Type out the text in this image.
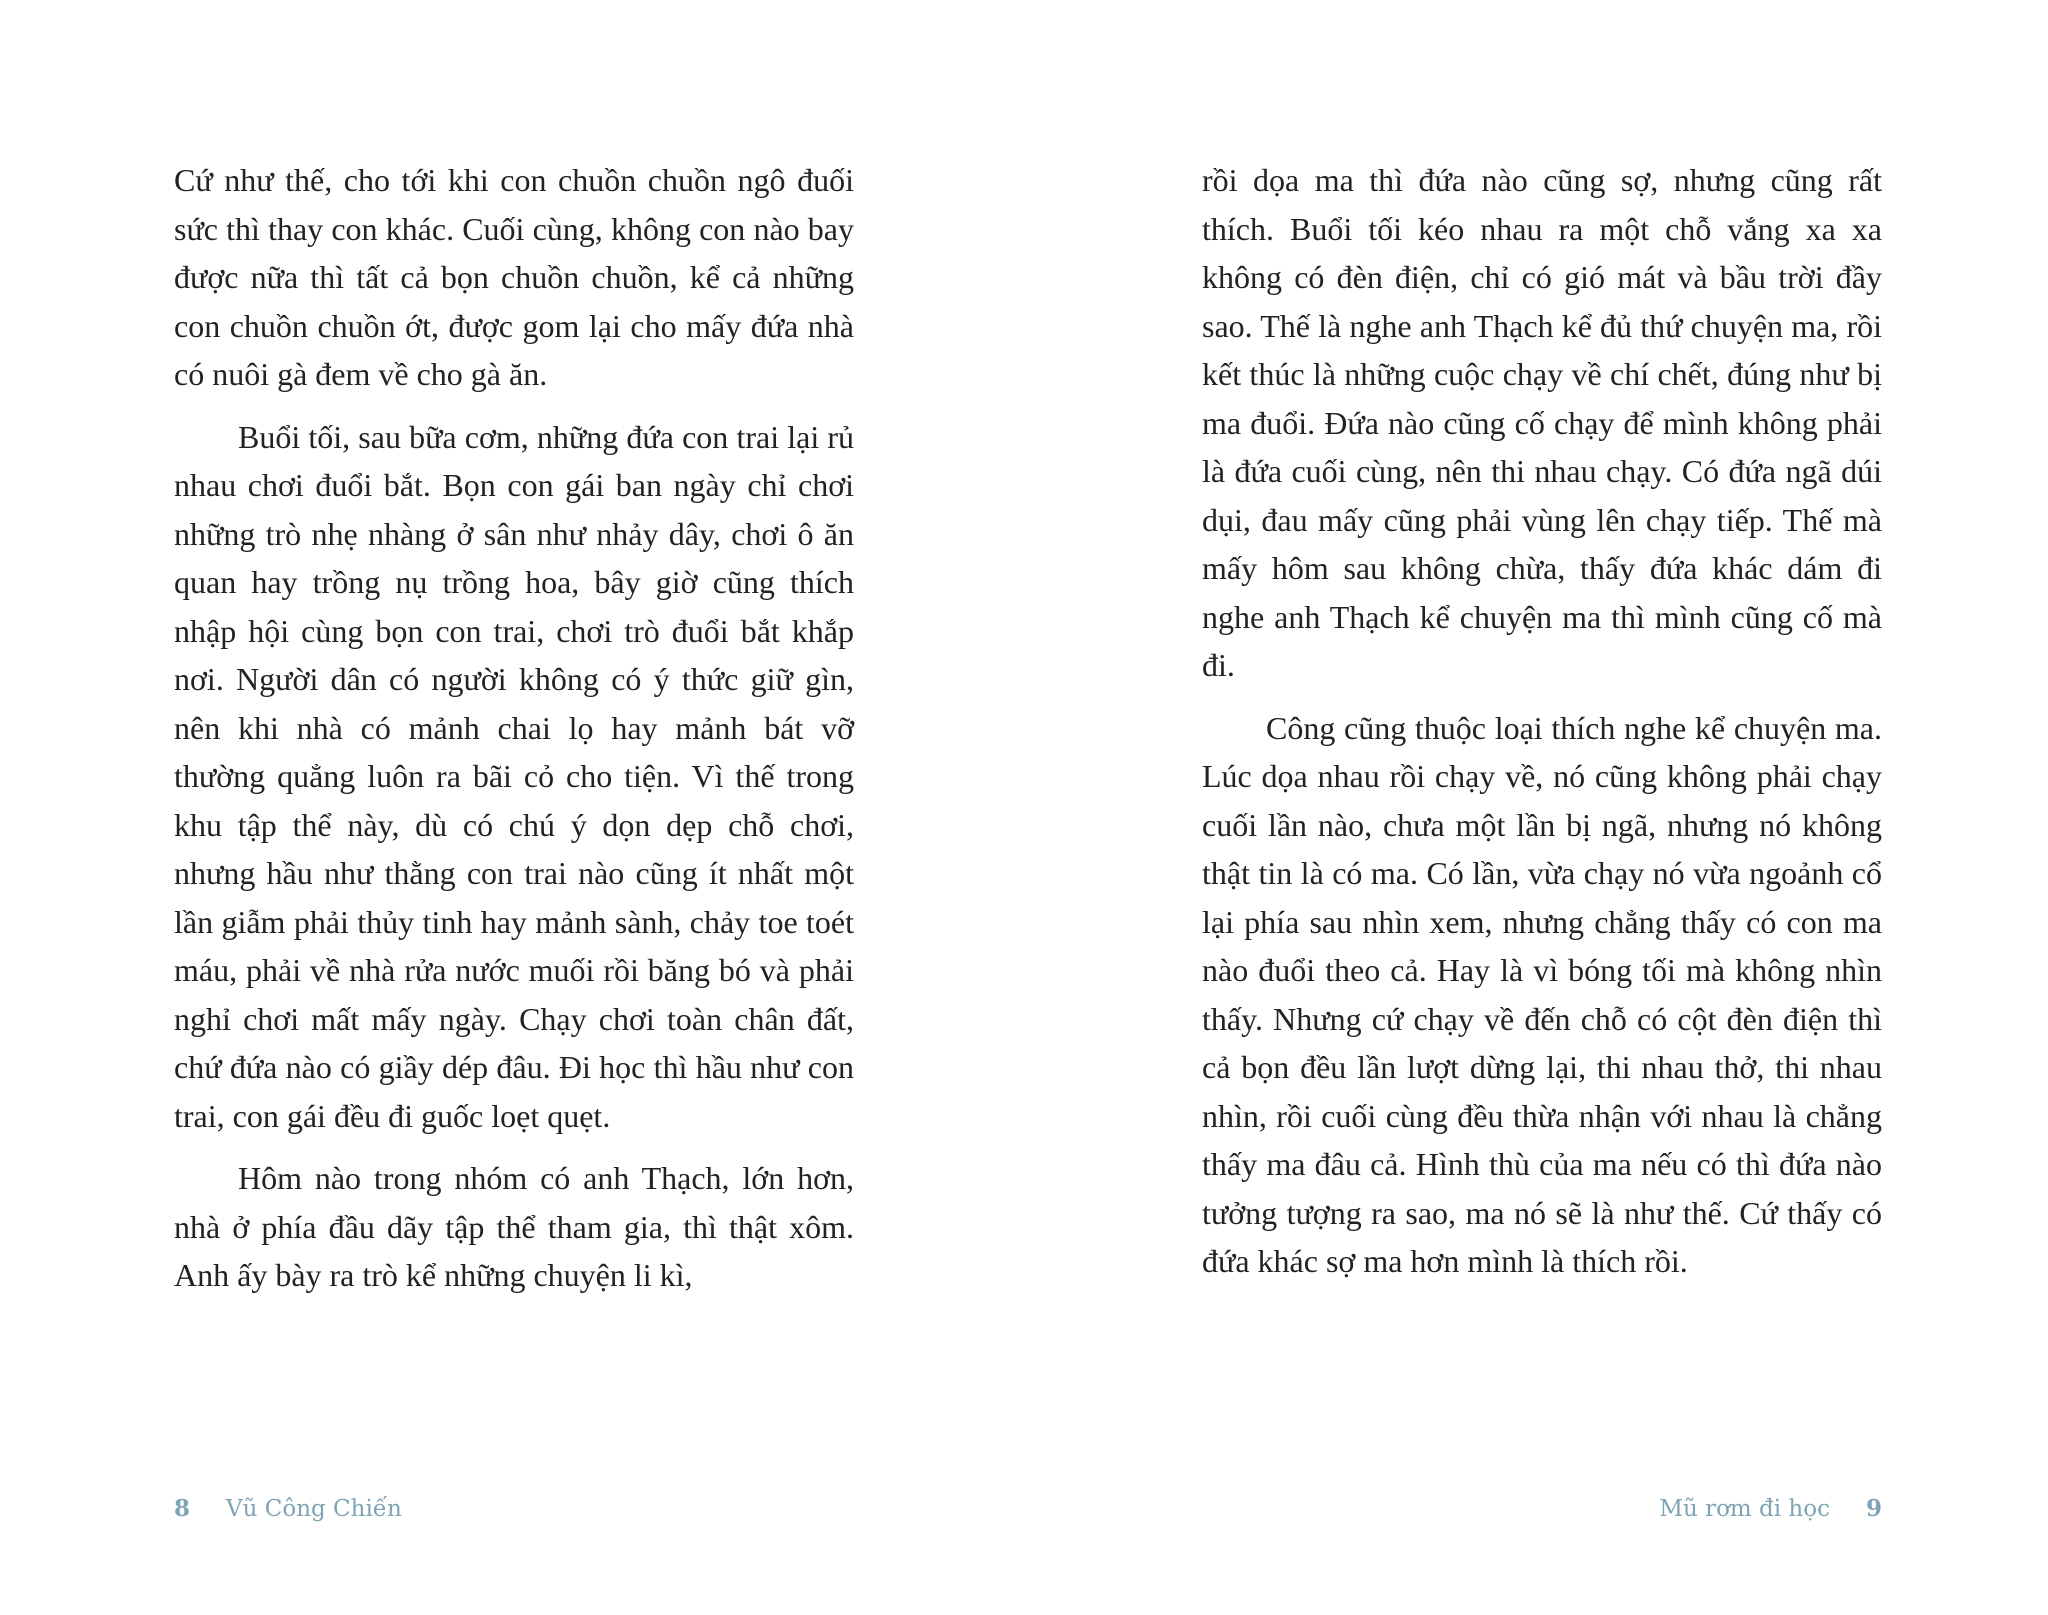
Cứ như thế, cho tới khi con chuồn chuồn ngô đuối sức thì thay con khác. Cuối cùng, không con nào bay được nữa thì tất cả bọn chuồn chuồn, kể cả những con chuồn chuồn ớt, được gom lại cho mấy đứa nhà có nuôi gà đem về cho gà ăn.

Buổi tối, sau bữa cơm, những đứa con trai lại rủ nhau chơi đuổi bắt. Bọn con gái ban ngày chỉ chơi những trò nhẹ nhàng ở sân như nhảy dây, chơi ô ăn quan hay trồng nụ trồng hoa, bây giờ cũng thích nhập hội cùng bọn con trai, chơi trò đuổi bắt khắp nơi. Người dân có người không có ý thức giữ gìn, nên khi nhà có mảnh chai lọ hay mảnh bát vỡ thường quẳng luôn ra bãi cỏ cho tiện. Vì thế trong khu tập thể này, dù có chú ý dọn dẹp chỗ chơi, nhưng hầu như thằng con trai nào cũng ít nhất một lần giẫm phải thủy tinh hay mảnh sành, chảy toe toét máu, phải về nhà rửa nước muối rồi băng bó và phải nghỉ chơi mất mấy ngày. Chạy chơi toàn chân đất, chứ đứa nào có giầy dép đâu. Đi học thì hầu như con trai, con gái đều đi guốc loẹt quẹt.

Hôm nào trong nhóm có anh Thạch, lớn hơn, nhà ở phía đầu dãy tập thể tham gia, thì thật xôm. Anh ấy bày ra trò kể những chuyện li kì,

rồi dọa ma thì đứa nào cũng sợ, nhưng cũng rất thích. Buổi tối kéo nhau ra một chỗ vắng xa xa không có đèn điện, chỉ có gió mát và bầu trời đầy sao. Thế là nghe anh Thạch kể đủ thứ chuyện ma, rồi kết thúc là những cuộc chạy về chí chết, đúng như bị ma đuổi. Đứa nào cũng cố chạy để mình không phải là đứa cuối cùng, nên thi nhau chạy. Có đứa ngã dúi dụi, đau mấy cũng phải vùng lên chạy tiếp. Thế mà mấy hôm sau không chừa, thấy đứa khác dám đi nghe anh Thạch kể chuyện ma thì mình cũng cố mà đi.

Công cũng thuộc loại thích nghe kể chuyện ma. Lúc dọa nhau rồi chạy về, nó cũng không phải chạy cuối lần nào, chưa một lần bị ngã, nhưng nó không thật tin là có ma. Có lần, vừa chạy nó vừa ngoảnh cổ lại phía sau nhìn xem, nhưng chẳng thấy có con ma nào đuổi theo cả. Hay là vì bóng tối mà không nhìn thấy. Nhưng cứ chạy về đến chỗ có cột đèn điện thì cả bọn đều lần lượt dừng lại, thi nhau thở, thi nhau nhìn, rồi cuối cùng đều thừa nhận với nhau là chẳng thấy ma đâu cả. Hình thù của ma nếu có thì đứa nào tưởng tượng ra sao, ma nó sẽ là như thế. Cứ thấy có đứa khác sợ ma hơn mình là thích rồi.

8 Vũ Công Chiến	Mũ rơm đi học 9
